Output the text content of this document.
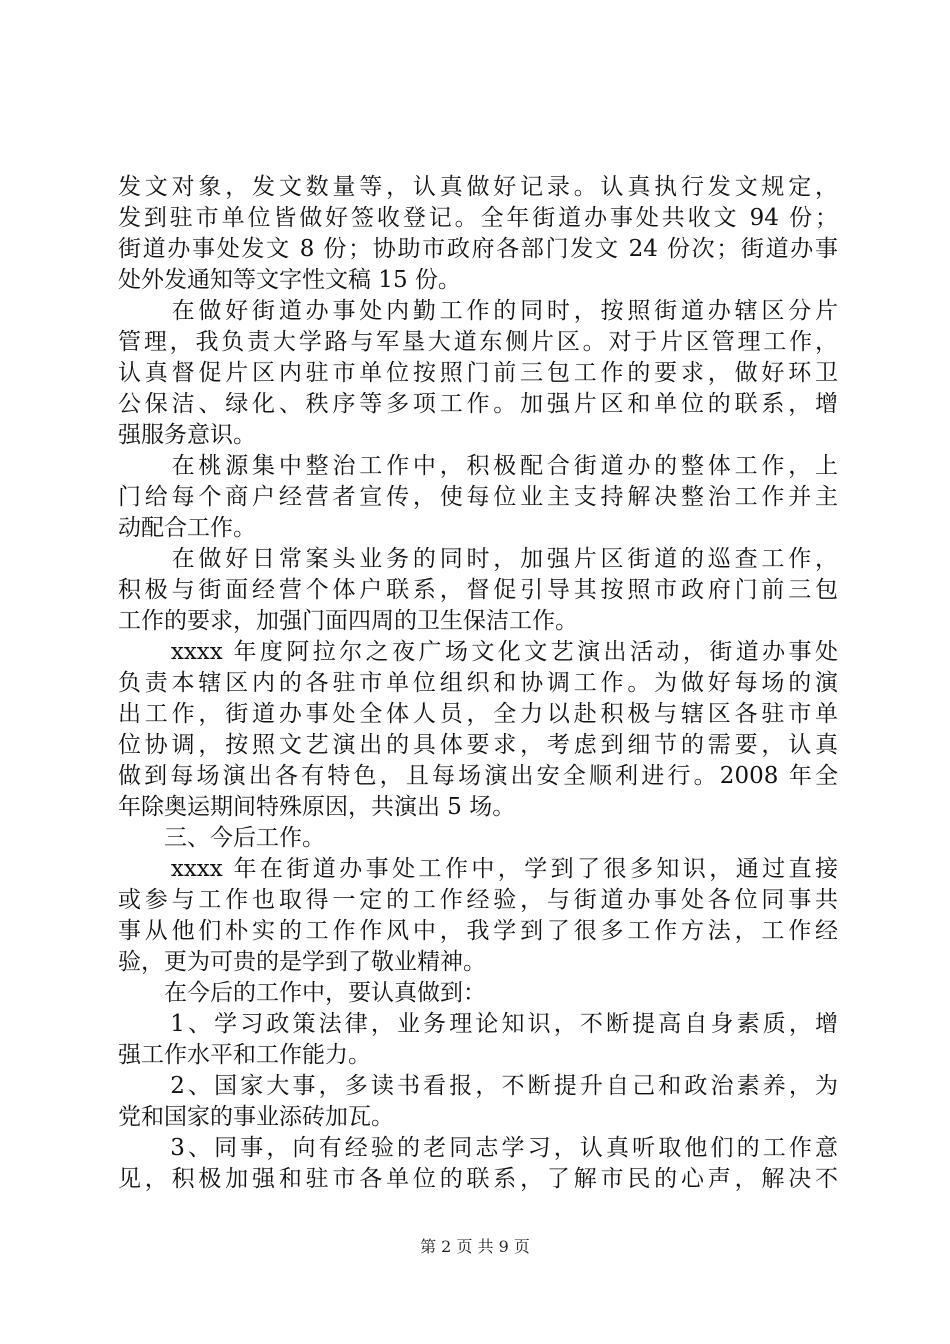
发文对象，发文数量等，认真做好记录。认真执行发文规定，
发到驻市单位皆做好签收登记。全年街道办事处共收文 94 份；
街道办事处发文 8 份；协助市政府各部门发文 24 份次；街道办事
处外发通知等文字性文稿 15 份。
　　在做好街道办事处内勤工作的同时，按照街道办辖区分片
管理，我负责大学路与军垦大道东侧片区。对于片区管理工作，
认真督促片区内驻市单位按照门前三包工作的要求，做好环卫
公保洁、绿化、秩序等多项工作。加强片区和单位的联系，增
强服务意识。
　　在桃源集中整治工作中，积极配合街道办的整体工作，上
门给每个商户经营者宣传，使每位业主支持解决整治工作并主
动配合工作。
　　在做好日常案头业务的同时，加强片区街道的巡查工作，
积极与街面经营个体户联系，督促引导其按照市政府门前三包
工作的要求，加强门面四周的卫生保洁工作。
　　xxxx 年度阿拉尔之夜广场文化文艺演出活动，街道办事处
负责本辖区内的各驻市单位组织和协调工作。为做好每场的演
出工作，街道办事处全体人员，全力以赴积极与辖区各驻市单
位协调，按照文艺演出的具体要求，考虑到细节的需要，认真
做到每场演出各有特色，且每场演出安全顺利进行。2008 年全
年除奥运期间特殊原因，共演出 5 场。
　　三、今后工作。
　　xxxx 年在街道办事处工作中，学到了很多知识，通过直接
或参与工作也取得一定的工作经验，与街道办事处各位同事共
事从他们朴实的工作作风中，我学到了很多工作方法，工作经
验，更为可贵的是学到了敬业精神。
　　在今后的工作中，要认真做到：
　　1、学习政策法律，业务理论知识，不断提高自身素质，增
强工作水平和工作能力。
　　2、国家大事，多读书看报，不断提升自己和政治素养，为
党和国家的事业添砖加瓦。
　　3、同事，向有经验的老同志学习，认真听取他们的工作意
见，积极加强和驻市各单位的联系，了解市民的心声，解决不
第 2 页 共 9 页
